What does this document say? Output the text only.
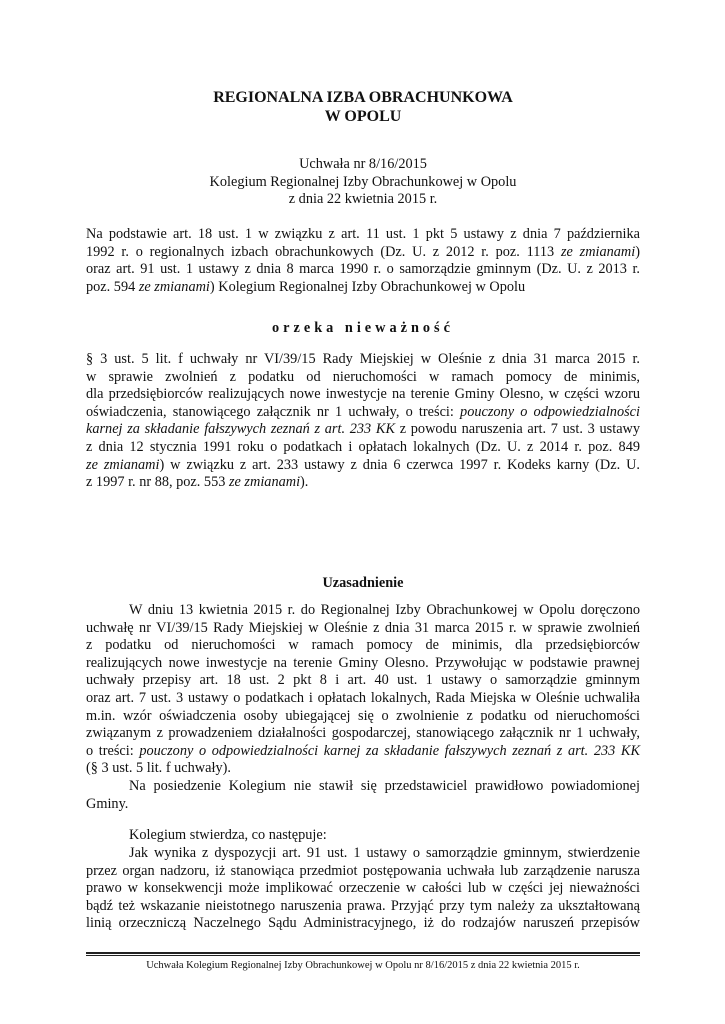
REGIONALNA IZBA OBRACHUNKOWA
W OPOLU
Uchwała nr 8/16/2015
Kolegium Regionalnej Izby Obrachunkowej w Opolu
z dnia 22 kwietnia 2015 r.
Na podstawie art. 18 ust. 1 w związku z art. 11 ust. 1 pkt 5 ustawy z dnia 7 października
1992 r. o regionalnych izbach obrachunkowych (Dz. U. z 2012 r. poz. 1113 ze zmianami)
oraz art. 91 ust. 1 ustawy z dnia 8 marca 1990 r. o samorządzie gminnym (Dz. U. z 2013 r.
poz. 594 ze zmianami) Kolegium Regionalnej Izby Obrachunkowej w Opolu
orzeka nieważność
§ 3 ust. 5 lit. f uchwały nr VI/39/15 Rady Miejskiej w Oleśnie z dnia 31 marca 2015 r.
w sprawie zwolnień z podatku od nieruchomości w ramach pomocy de minimis,
dla przedsiębiorców realizujących nowe inwestycje na terenie Gminy Olesno, w części wzoru
oświadczenia, stanowiącego załącznik nr 1 uchwały, o treści: pouczony o odpowiedzialności
karnej za składanie fałszywych zeznań z art. 233 KK z powodu naruszenia art. 7 ust. 3 ustawy
z dnia 12 stycznia 1991 roku o podatkach i opłatach lokalnych (Dz. U. z 2014 r. poz. 849
ze zmianami) w związku z art. 233 ustawy z dnia 6 czerwca 1997 r. Kodeks karny (Dz. U.
z 1997 r. nr 88, poz. 553 ze zmianami).
Uzasadnienie
W dniu 13 kwietnia 2015 r. do Regionalnej Izby Obrachunkowej w Opolu doręczono
uchwałę nr VI/39/15 Rady Miejskiej w Oleśnie z dnia 31 marca 2015 r. w sprawie zwolnień
z podatku od nieruchomości w ramach pomocy de minimis, dla przedsiębiorców
realizujących nowe inwestycje na terenie Gminy Olesno. Przywołując w podstawie prawnej
uchwały przepisy art. 18 ust. 2 pkt 8 i art. 40 ust. 1 ustawy o samorządzie gminnym
oraz art. 7 ust. 3 ustawy o podatkach i opłatach lokalnych, Rada Miejska w Oleśnie uchwaliła
m.in. wzór oświadczenia osoby ubiegającej się o zwolnienie z podatku od nieruchomości
związanym z prowadzeniem działalności gospodarczej, stanowiącego załącznik nr 1 uchwały,
o treści: pouczony o odpowiedzialności karnej za składanie fałszywych zeznań z art. 233 KK
(§ 3 ust. 5 lit. f uchwały).
Na posiedzenie Kolegium nie stawił się przedstawiciel prawidłowo powiadomionej
Gminy.
Kolegium stwierdza, co następuje:
Jak wynika z dyspozycji art. 91 ust. 1 ustawy o samorządzie gminnym, stwierdzenie
przez organ nadzoru, iż stanowiąca przedmiot postępowania uchwała lub zarządzenie narusza
prawo w konsekwencji może implikować orzeczenie w całości lub w części jej nieważności
bądź też wskazanie nieistotnego naruszenia prawa. Przyjąć przy tym należy za ukształtowaną
linią orzeczniczą Naczelnego Sądu Administracyjnego, iż do rodzajów naruszeń przepisów
Uchwała Kolegium Regionalnej Izby Obrachunkowej w Opolu nr 8/16/2015 z dnia 22 kwietnia 2015 r.
